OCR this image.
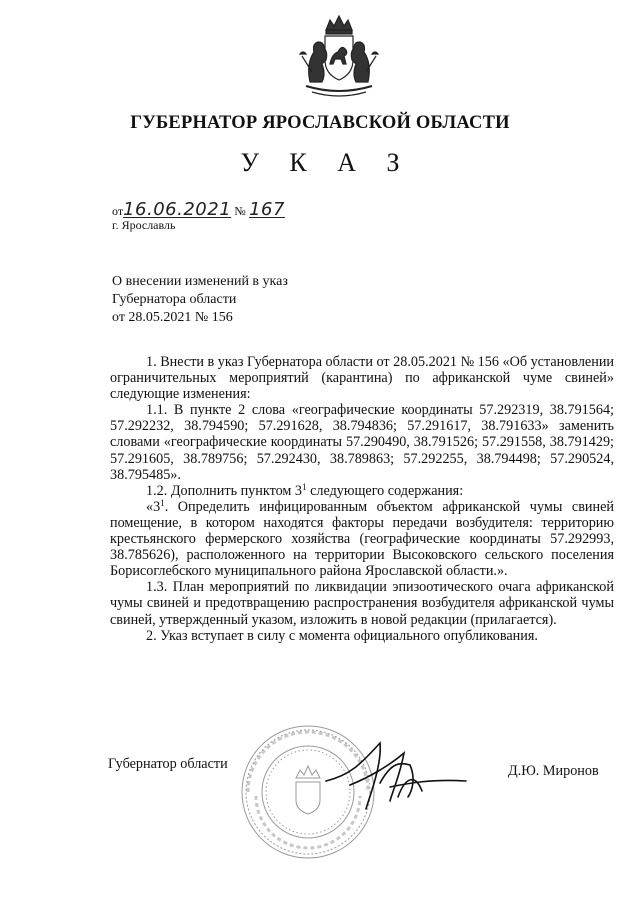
ГУБЕРНАТОР ЯРОСЛАВСКОЙ ОБЛАСТИ
У К А З
от16.06.2021 № 167
г. Ярославль
О внесении изменений в указ
Губернатора области
от 28.05.2021 № 156

1. Внести в указ Губернатора области от 28.05.2021 № 156 «Об установлении ограничительных мероприятий (карантина) по африканской чуме свиней» следующие изменения:

1.1. В пункте 2 слова «географические координаты 57.292319, 38.791564; 57.292232, 38.794590; 57.291628, 38.794836; 57.291617, 38.791633» заменить словами «географические координаты 57.290490, 38.791526; 57.291558, 38.791429; 57.291605, 38.789756; 57.292430, 38.789863; 57.292255, 38.794498; 57.290524, 38.795485».

1.2. Дополнить пунктом $3^1$ следующего содержания:

«$3^1$. Определить инфицированным объектом африканской чумы свиней помещение, в котором находятся факторы передачи возбудителя: территорию крестьянского фермерского хозяйства (географические координаты 57.292993, 38.785626), расположенного на территории Высоковского сельского поселения Борисоглебского муниципального района Ярославской области.».

1.3. План мероприятий по ликвидации эпизоотического очага африканской чумы свиней и предотвращению распространения возбудителя африканской чумы свиней, утвержденный указом, изложить в новой редакции (прилагается).

2. Указ вступает в силу с момента официального опубликования.

Губернатор области	Д.Ю. Миронов
